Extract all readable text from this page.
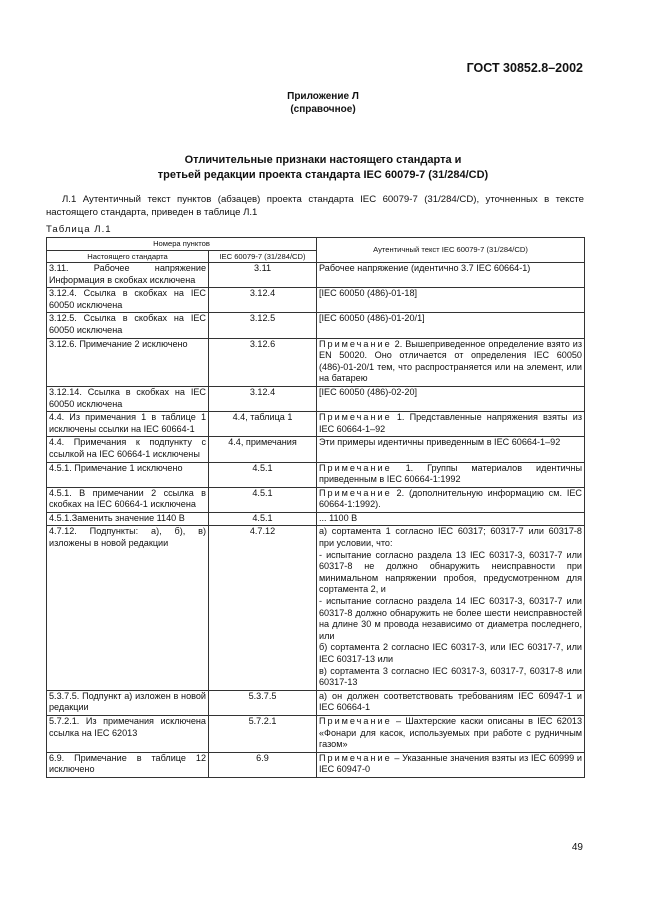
ГОСТ 30852.8–2002
Приложение Л
(справочное)
Отличительные признаки настоящего стандарта и
третьей редакции проекта стандарта IEC 60079-7 (31/284/CD)
Л.1 Аутентичный текст пунктов (абзацев) проекта стандарта IEC 60079-7 (31/284/CD), уточненных в тексте настоящего стандарта, приведен в таблице Л.1
Таблица Л.1
Номера пунктов		Аутентичный текст IEC 60079-7 (31/284/CD)
Настоящего стандарта	IEC 60079-7 (31/284/CD)	
3.11. Рабочее напряжение Информация в скобках исключена	3.11	Рабочее напряжение (идентично 3.7 IEC 60664-1)
3.12.4. Ссылка в скобках на IEC 60050 исключена	3.12.4	[IEC 60050 (486)-01-18]
3.12.5. Ссылка в скобках на IEC 60050 исключена	3.12.5	[IEC 60050 (486)-01-20/1]
3.12.6. Примечание 2 исключено	3.12.6	Примечание 2. Вышеприведенное определение взято из EN 50020. Оно отличается от определения IEC 60050 (486)-01-20/1 тем, что распространяется или на элемент, или на батарею
3.12.14. Ссылка в скобках на IEC 60050 исключена	3.12.4	[IEC 60050 (486)-02-20]
4.4. Из примечания 1 в таблице 1 исключены ссылки на IEC 60664-1	4.4, таблица 1	Примечание 1. Представленные напряжения взяты из IEC 60664-1–92
4.4. Примечания к подпункту с ссылкой на IEC 60664-1 исключены	4.4, примечания	Эти примеры идентичны приведенным в IEC 60664-1–92
4.5.1. Примечание 1 исключено	4.5.1	Примечание 1. Группы материалов идентичны приведенным в IEC 60664-1:1992
4.5.1. В примечании 2 ссылка в скобках на IEC 60664-1 исключена	4.5.1	Примечание 2. (дополнительную информацию см. IEC 60664-1:1992).
4.5.1.Заменить значение 1140 В	4.5.1	... 1100 В
4.7.12. Подпункты: а), б), в) изложены в новой редакции	4.7.12	а) сортамента 1 согласно IEC 60317; 60317-7 или 60317-8 при условии, что:
- испытание согласно раздела 13 IEC 60317-3, 60317-7 или 60317-8 не должно обнаружить неисправности при минимальном напряжении пробоя, предусмотренном для сортамента 2, и
- испытание согласно раздела 14 IEC 60317-3, 60317-7 или 60317-8 должно обнаружить не более шести неисправностей на длине 30 м провода независимо от диаметра последнего, или
б) сортамента 2 согласно IEC 60317-3, или IEC 60317-7, или IEC 60317-13 или
в) сортамента 3 согласно IEC 60317-3, 60317-7, 60317-8 или 60317-13
5.3.7.5. Подпункт а) изложен в новой редакции	5.3.7.5	а) он должен соответствовать требованиям IEC 60947-1 и IEC 60664-1
5.7.2.1. Из примечания исключена ссылка на IEC 62013	5.7.2.1	Примечание – Шахтерские каски описаны в IEC 62013 «Фонари для касок, используемых при работе с рудничным газом»
6.9. Примечание в таблице 12 исключено	6.9	Примечание – Указанные значения взяты из IEC 60999 и IEC 60947-0
49
